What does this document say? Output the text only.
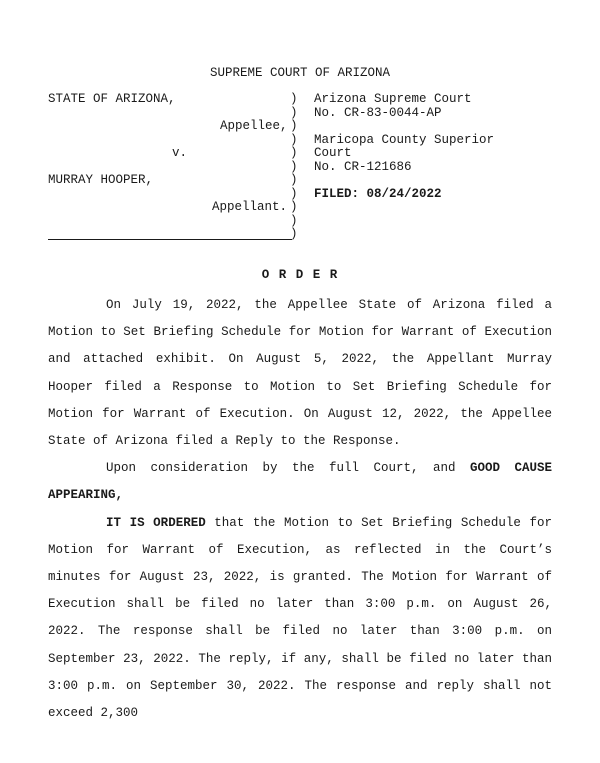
SUPREME COURT OF ARIZONA
STATE OF ARIZONA,
Appellee,
v.
MURRAY HOOPER,
Appellant.
)
)
)
)
)
)
)
)
)
)
)
Arizona Supreme Court
No. CR-83-0044-AP

Maricopa County Superior
Court
No. CR-121686

FILED: 08/24/2022
O R D E R

On July 19, 2022, the Appellee State of Arizona filed a Motion to Set Briefing Schedule for Motion for Warrant of Execution and attached exhibit. On August 5, 2022, the Appellant Murray Hooper filed a Response to Motion to Set Briefing Schedule for Motion for Warrant of Execution. On August 12, 2022, the Appellee State of Arizona filed a Reply to the Response.

Upon consideration by the full Court, and GOOD CAUSE APPEARING,

IT IS ORDERED that the Motion to Set Briefing Schedule for Motion for Warrant of Execution, as reflected in the Court’s minutes for August 23, 2022, is granted. The Motion for Warrant of Execution shall be filed no later than 3:00 p.m. on August 26, 2022. The response shall be filed no later than 3:00 p.m. on September 23, 2022. The reply, if any, shall be filed no later than 3:00 p.m. on September 30, 2022. The response and reply shall not exceed 2,300
